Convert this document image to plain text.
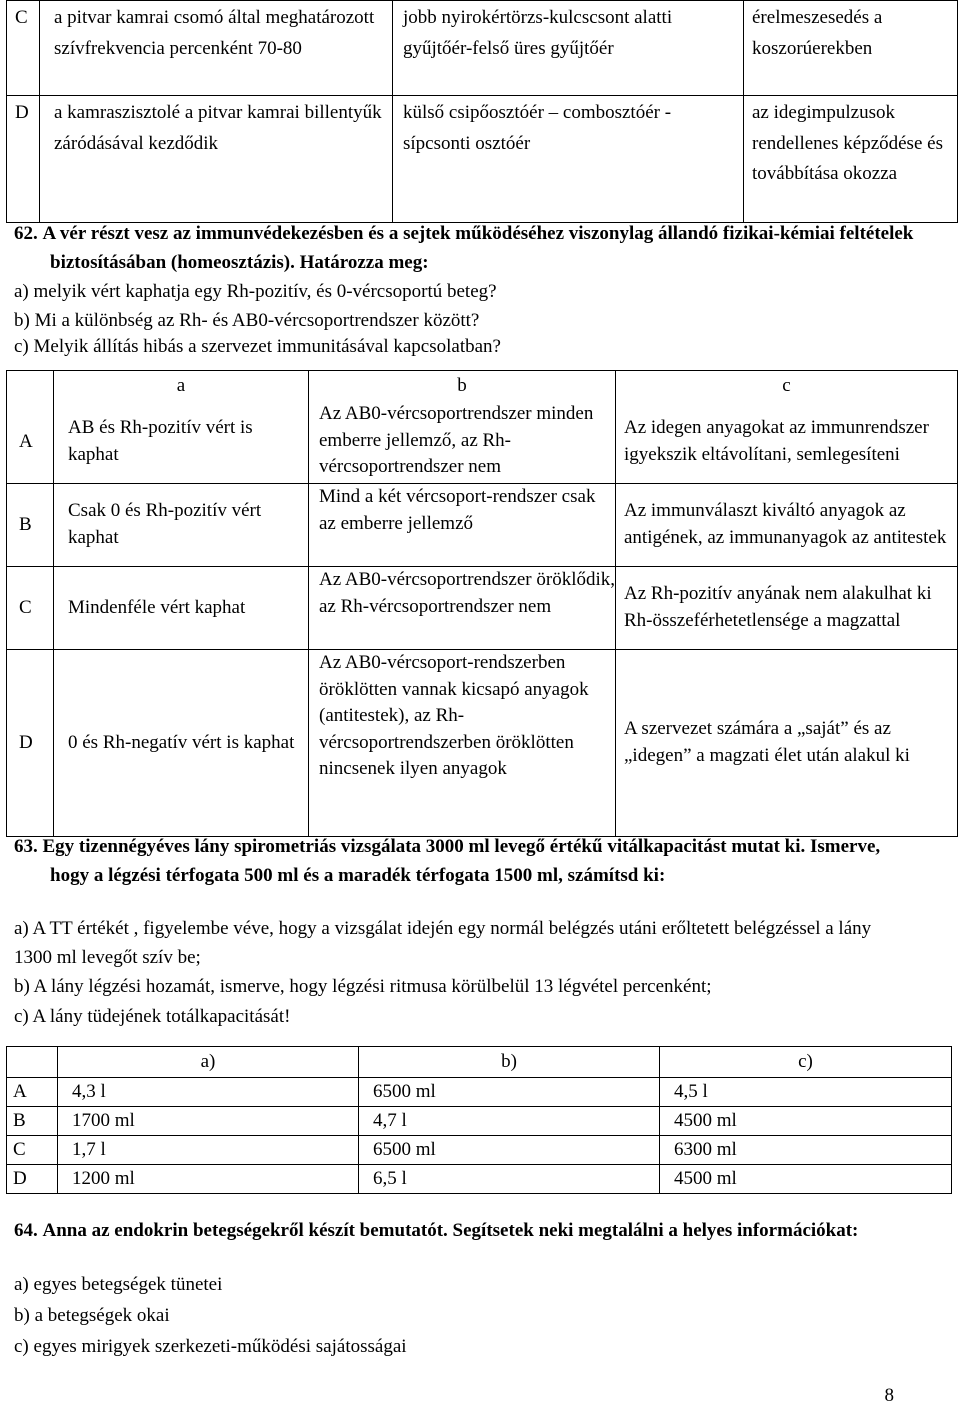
C	a pitvar kamrai csomó által meghatározott szívfrekvencia percenként 70-80	jobb nyirokértörzs-kulcscsont alatti gyűjtőér-felső üres gyűjtőér	érelmeszesedés a koszorúerekben
D	a kamraszisztolé a pitvar kamrai billentyűk záródásával kezdődik	külső csipőosztóér – combosztóér - sípcsonti osztóér	az idegimpulzusok rendellenes képződése és továbbítása okozza
62. A vér részt vesz az immunvédekezésben és a sejtek működéséhez viszonylag állandó fizikai-kémiai feltételek biztosításában (homeosztázis). Határozza meg:
a) melyik vért kaphatja egy Rh-pozitív, és 0-vércsoportú beteg?
b) Mi a különbség az Rh- és AB0-vércsoportrendszer között?
c) Melyik állítás hibás a szervezet immunitásával kapcsolatban?
	a	b	c
A	AB és Rh-pozitív vért is kaphat	Az AB0-vércsoportrendszer minden emberre jellemző, az Rh-vércsoportrendszer nem	Az idegen anyagokat az immunrendszer igyekszik eltávolítani, semlegesíteni
B	Csak 0 és Rh-pozitív vért kaphat	Mind a két vércsoport-rendszer csak az emberre jellemző	Az immunválaszt kiváltó anyagok az antigének, az immunanyagok az antitestek
C	Mindenféle vért kaphat	Az AB0-vércsoportrendszer öröklődik, az Rh-vércsoportrendszer nem	Az Rh-pozitív anyának nem alakulhat ki Rh-összeférhetetlensége a magzattal
D	0 és Rh-negatív vért is kaphat	Az AB0-vércsoport-rendszerben öröklötten vannak kicsapó anyagok (antitestek), az Rh-vércsoportrendszerben öröklötten nincsenek ilyen anyagok	A szervezet számára a „saját” és az „idegen” a magzati élet után alakul ki
63. Egy tizennégyéves lány spirometriás vizsgálata 3000 ml levegő értékű vitálkapacitást mutat ki. Ismerve, hogy a légzési térfogata 500 ml és a maradék térfogata 1500 ml, számítsd ki:
a) A TT értékét , figyelembe véve, hogy a vizsgálat idején egy normál belégzés utáni erőltetett belégzéssel a lány 1300 ml levegőt szív be;
b) A lány légzési hozamát, ismerve, hogy légzési ritmusa körülbelül 13 légvétel percenként;
c) A lány tüdejének totálkapacitását!
	a)	b)	c)
A	4,3 l	6500 ml	4,5 l
B	1700 ml	4,7 l	4500 ml
C	1,7 l	6500 ml	6300 ml
D	1200 ml	6,5 l	4500 ml
64. Anna az endokrin betegségekről készít bemutatót. Segítsetek neki megtalálni a helyes információkat:
a) egyes betegségek tünetei
b) a betegségek okai
c) egyes mirigyek szerkezeti-működési sajátosságai
8
